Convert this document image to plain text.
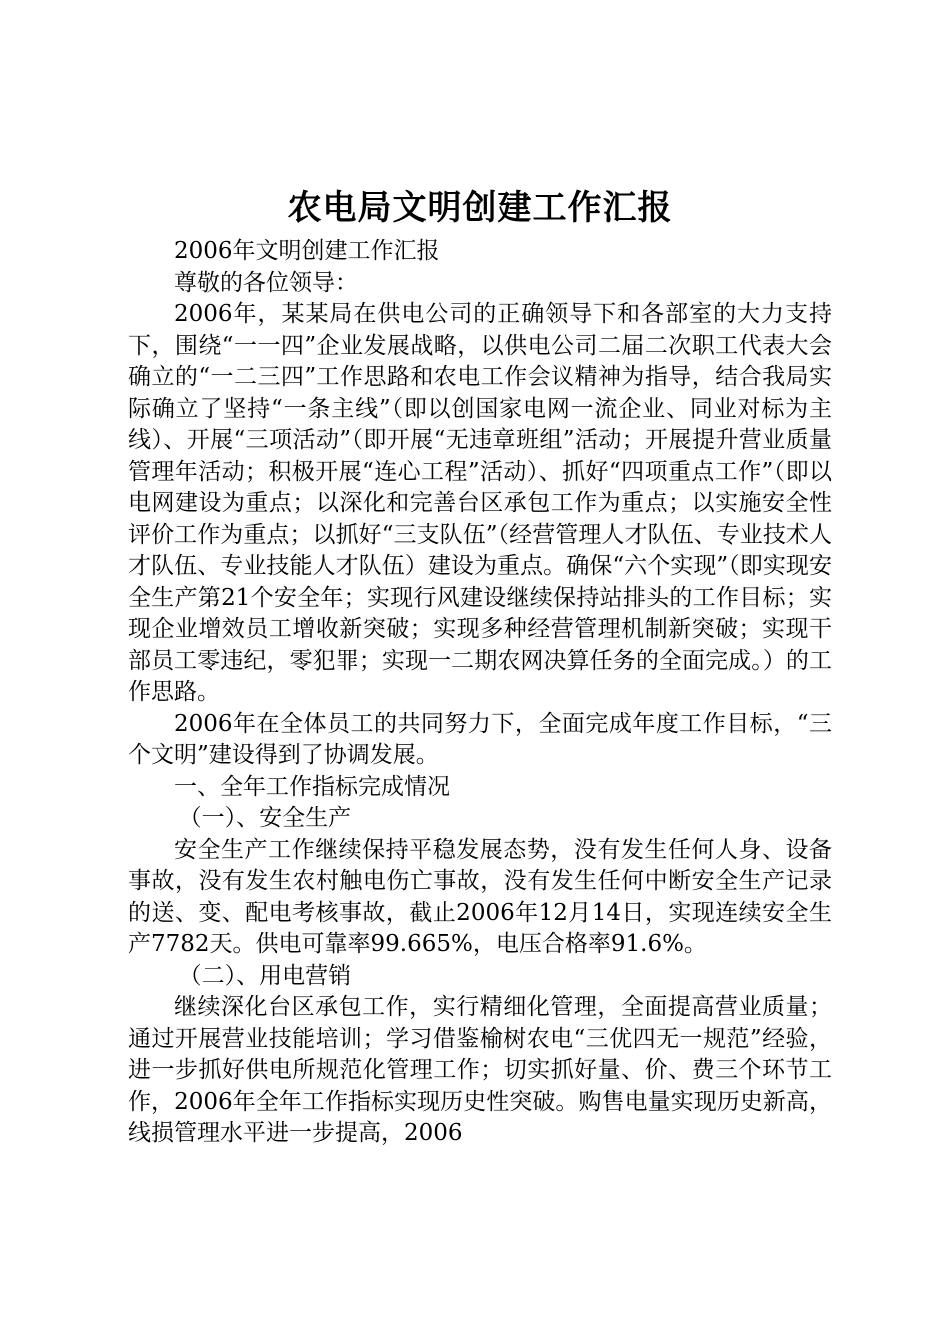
农电局文明创建工作汇报

2006年文明创建工作汇报

尊敬的各位领导：

2006年，某某局在供电公司的正确领导下和各部室的大力支持下，围绕“一一四”企业发展战略，以供电公司二届二次职工代表大会确立的“一二三四”工作思路和农电工作会议精神为指导，结合我局实际确立了坚持“一条主线”（即以创国家电网一流企业、同业对标为主线）、开展“三项活动”（即开展“无违章班组”活动；开展提升营业质量管理年活动；积极开展“连心工程”活动）、抓好“四项重点工作”（即以电网建设为重点；以深化和完善台区承包工作为重点；以实施安全性评价工作为重点；以抓好“三支队伍”（经营管理人才队伍、专业技术人才队伍、专业技能人才队伍）建设为重点。确保“六个实现”（即实现安全生产第21个安全年；实现行风建设继续保持站排头的工作目标；实现企业增效员工增收新突破；实现多种经营管理机制新突破；实现干部员工零违纪，零犯罪；实现一二期农网决算任务的全面完成。）的工作思路。

2006年在全体员工的共同努力下，全面完成年度工作目标，“三个文明”建设得到了协调发展。

一、全年工作指标完成情况

（一）、安全生产

安全生产工作继续保持平稳发展态势，没有发生任何人身、设备事故，没有发生农村触电伤亡事故，没有发生任何中断安全生产记录的送、变、配电考核事故，截止2006年12月14日，实现连续安全生产7782天。供电可靠率99.665%，电压合格率91.6%。

（二）、用电营销

继续深化台区承包工作，实行精细化管理，全面提高营业质量；通过开展营业技能培训；学习借鉴榆树农电“三优四无一规范”经验，进一步抓好供电所规范化管理工作；切实抓好量、价、费三个环节工作，2006年全年工作指标实现历史性突破。购售电量实现历史新高，线损管理水平进一步提高，2006
